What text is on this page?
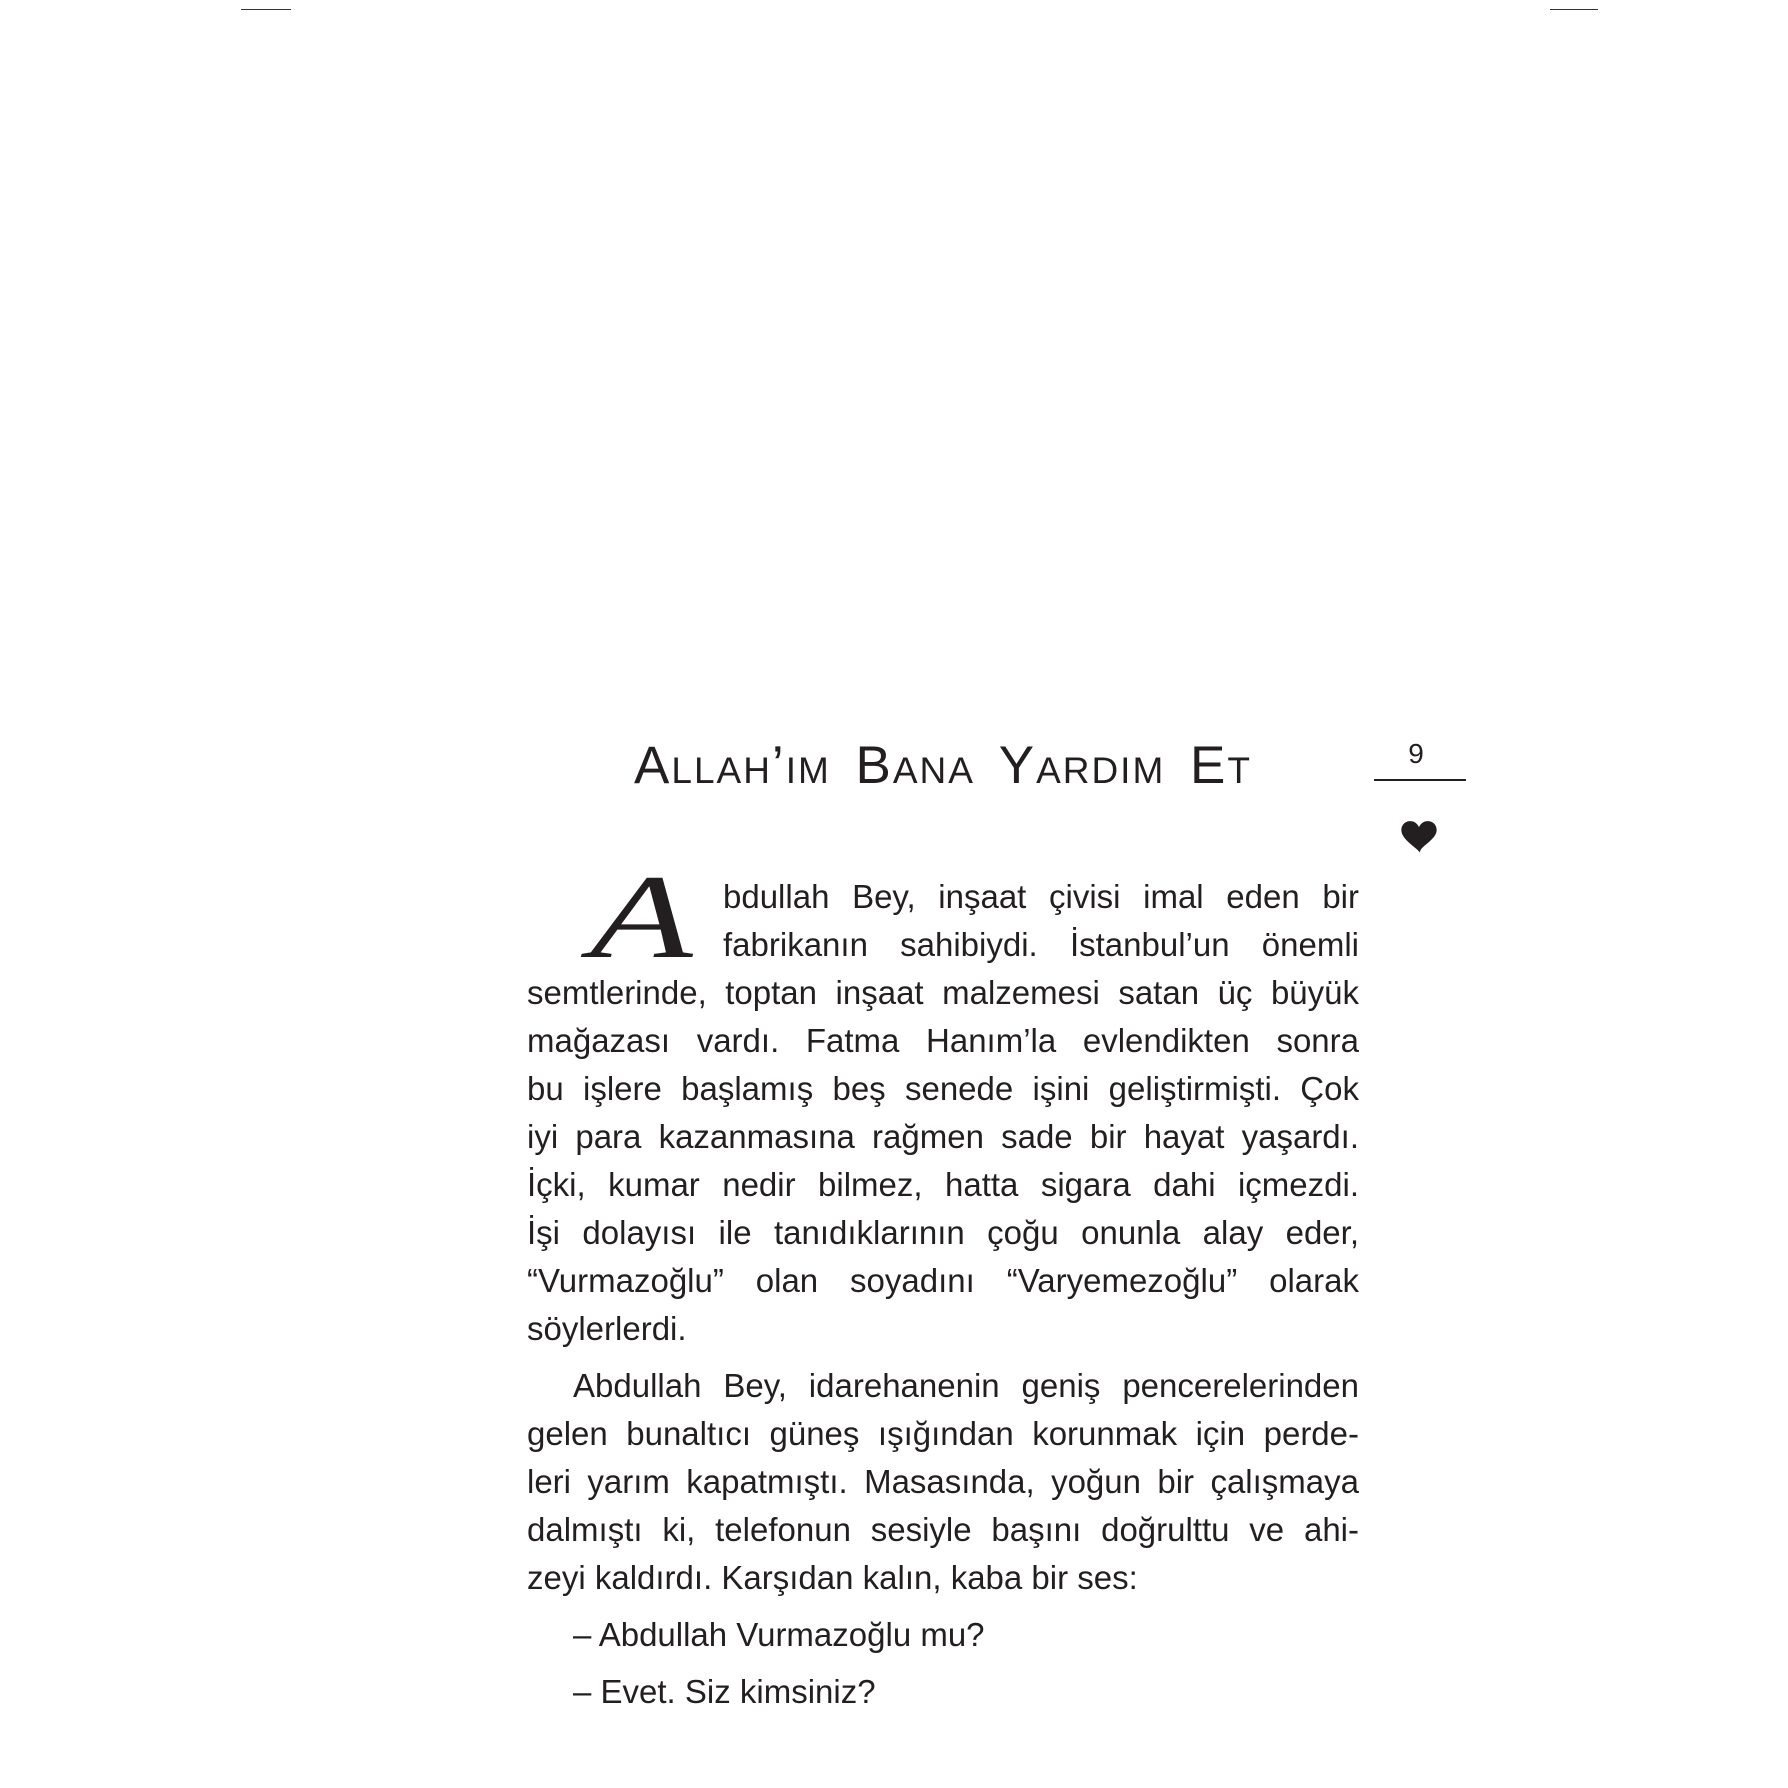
Allah’ım Bana Yardım Et	9
A bdullah Bey, inşaat çivisi imal eden bir
fabrikanın sahibiydi. İstanbul’un önemli
semtlerinde, toptan inşaat malzemesi satan üç büyük
mağazası vardı. Fatma Hanım’la evlendikten sonra
bu işlere başlamış beş senede işini geliştirmişti. Çok
iyi para kazanmasına rağmen sade bir hayat yaşardı.
İçki, kumar nedir bilmez, hatta sigara dahi içmezdi.
İşi dolayısı ile tanıdıklarının çoğu onunla alay eder,
“Vurmazoğlu” olan soyadını “Varyemezoğlu” olarak
söylerlerdi.
Abdullah Bey, idarehanenin geniş pencerelerinden
gelen bunaltıcı güneş ışığından korunmak için perde-
leri yarım kapatmıştı. Masasında, yoğun bir çalışmaya
dalmıştı ki, telefonun sesiyle başını doğrulttu ve ahi-
zeyi kaldırdı. Karşıdan kalın, kaba bir ses:
– Abdullah Vurmazoğlu mu?
– Evet. Siz kimsiniz?
